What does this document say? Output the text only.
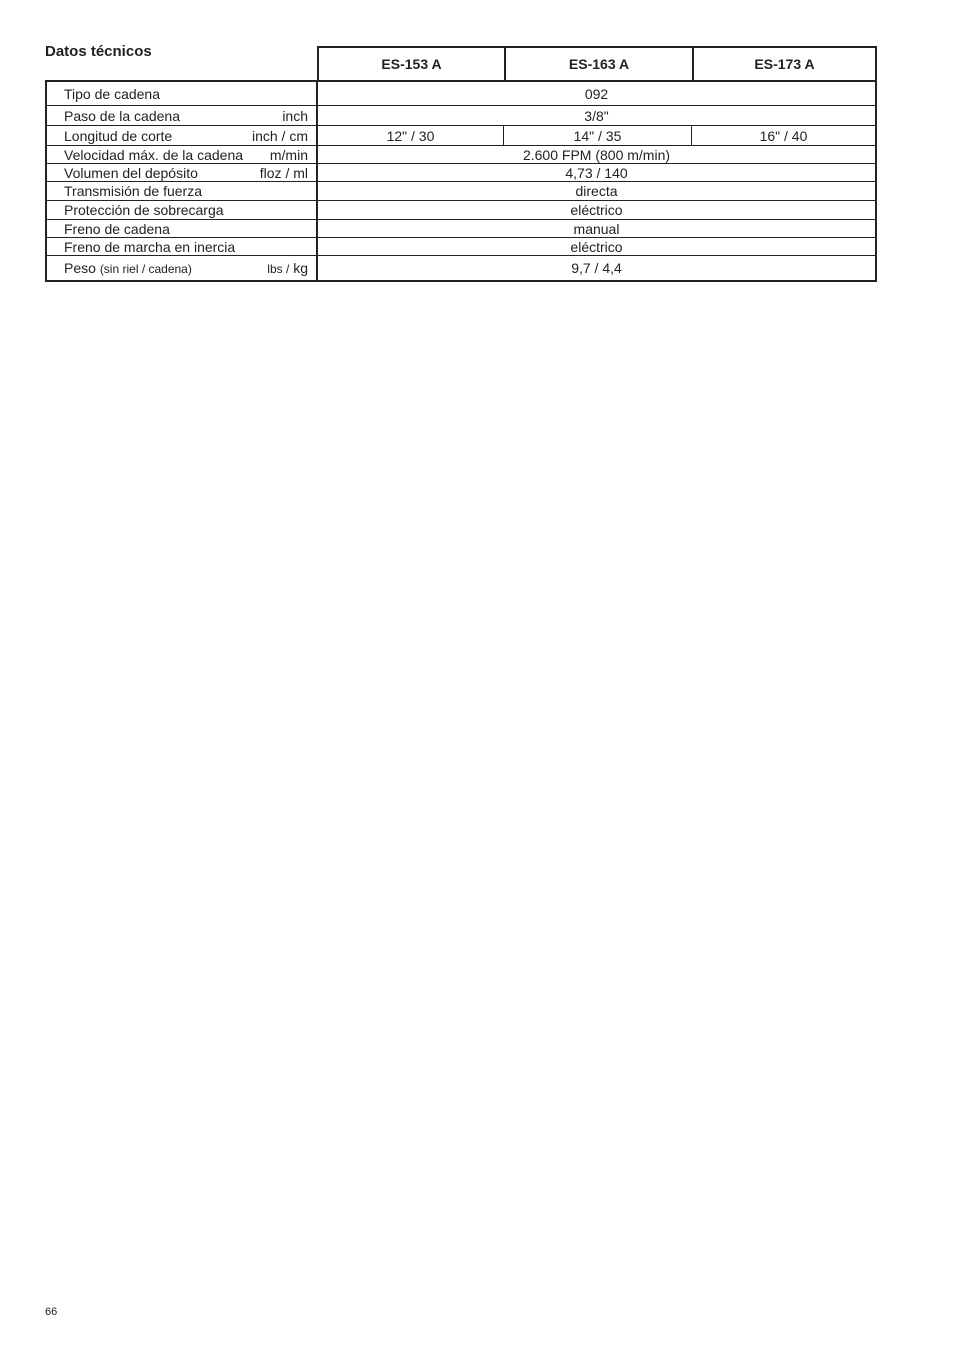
Datos técnicos
ES-153 A	ES-163 A	ES-173 A
Tipo de cadena	092
Paso de la cadena	inch	3/8"
Longitud de corte	inch / cm	12" / 30	14" / 35	16" / 40
Velocidad máx. de la cadena m/min	2.600 FPM (800 m/min)
Volumen del depósito	floz / ml	4,73 / 140
Transmisión de fuerza	directa
Protección de sobrecarga	eléctrico
Freno de cadena	manual
Freno de marcha en inercia	eléctrico
Peso (sin riel / cadena)	lbs / kg	9,7 / 4,4
66
